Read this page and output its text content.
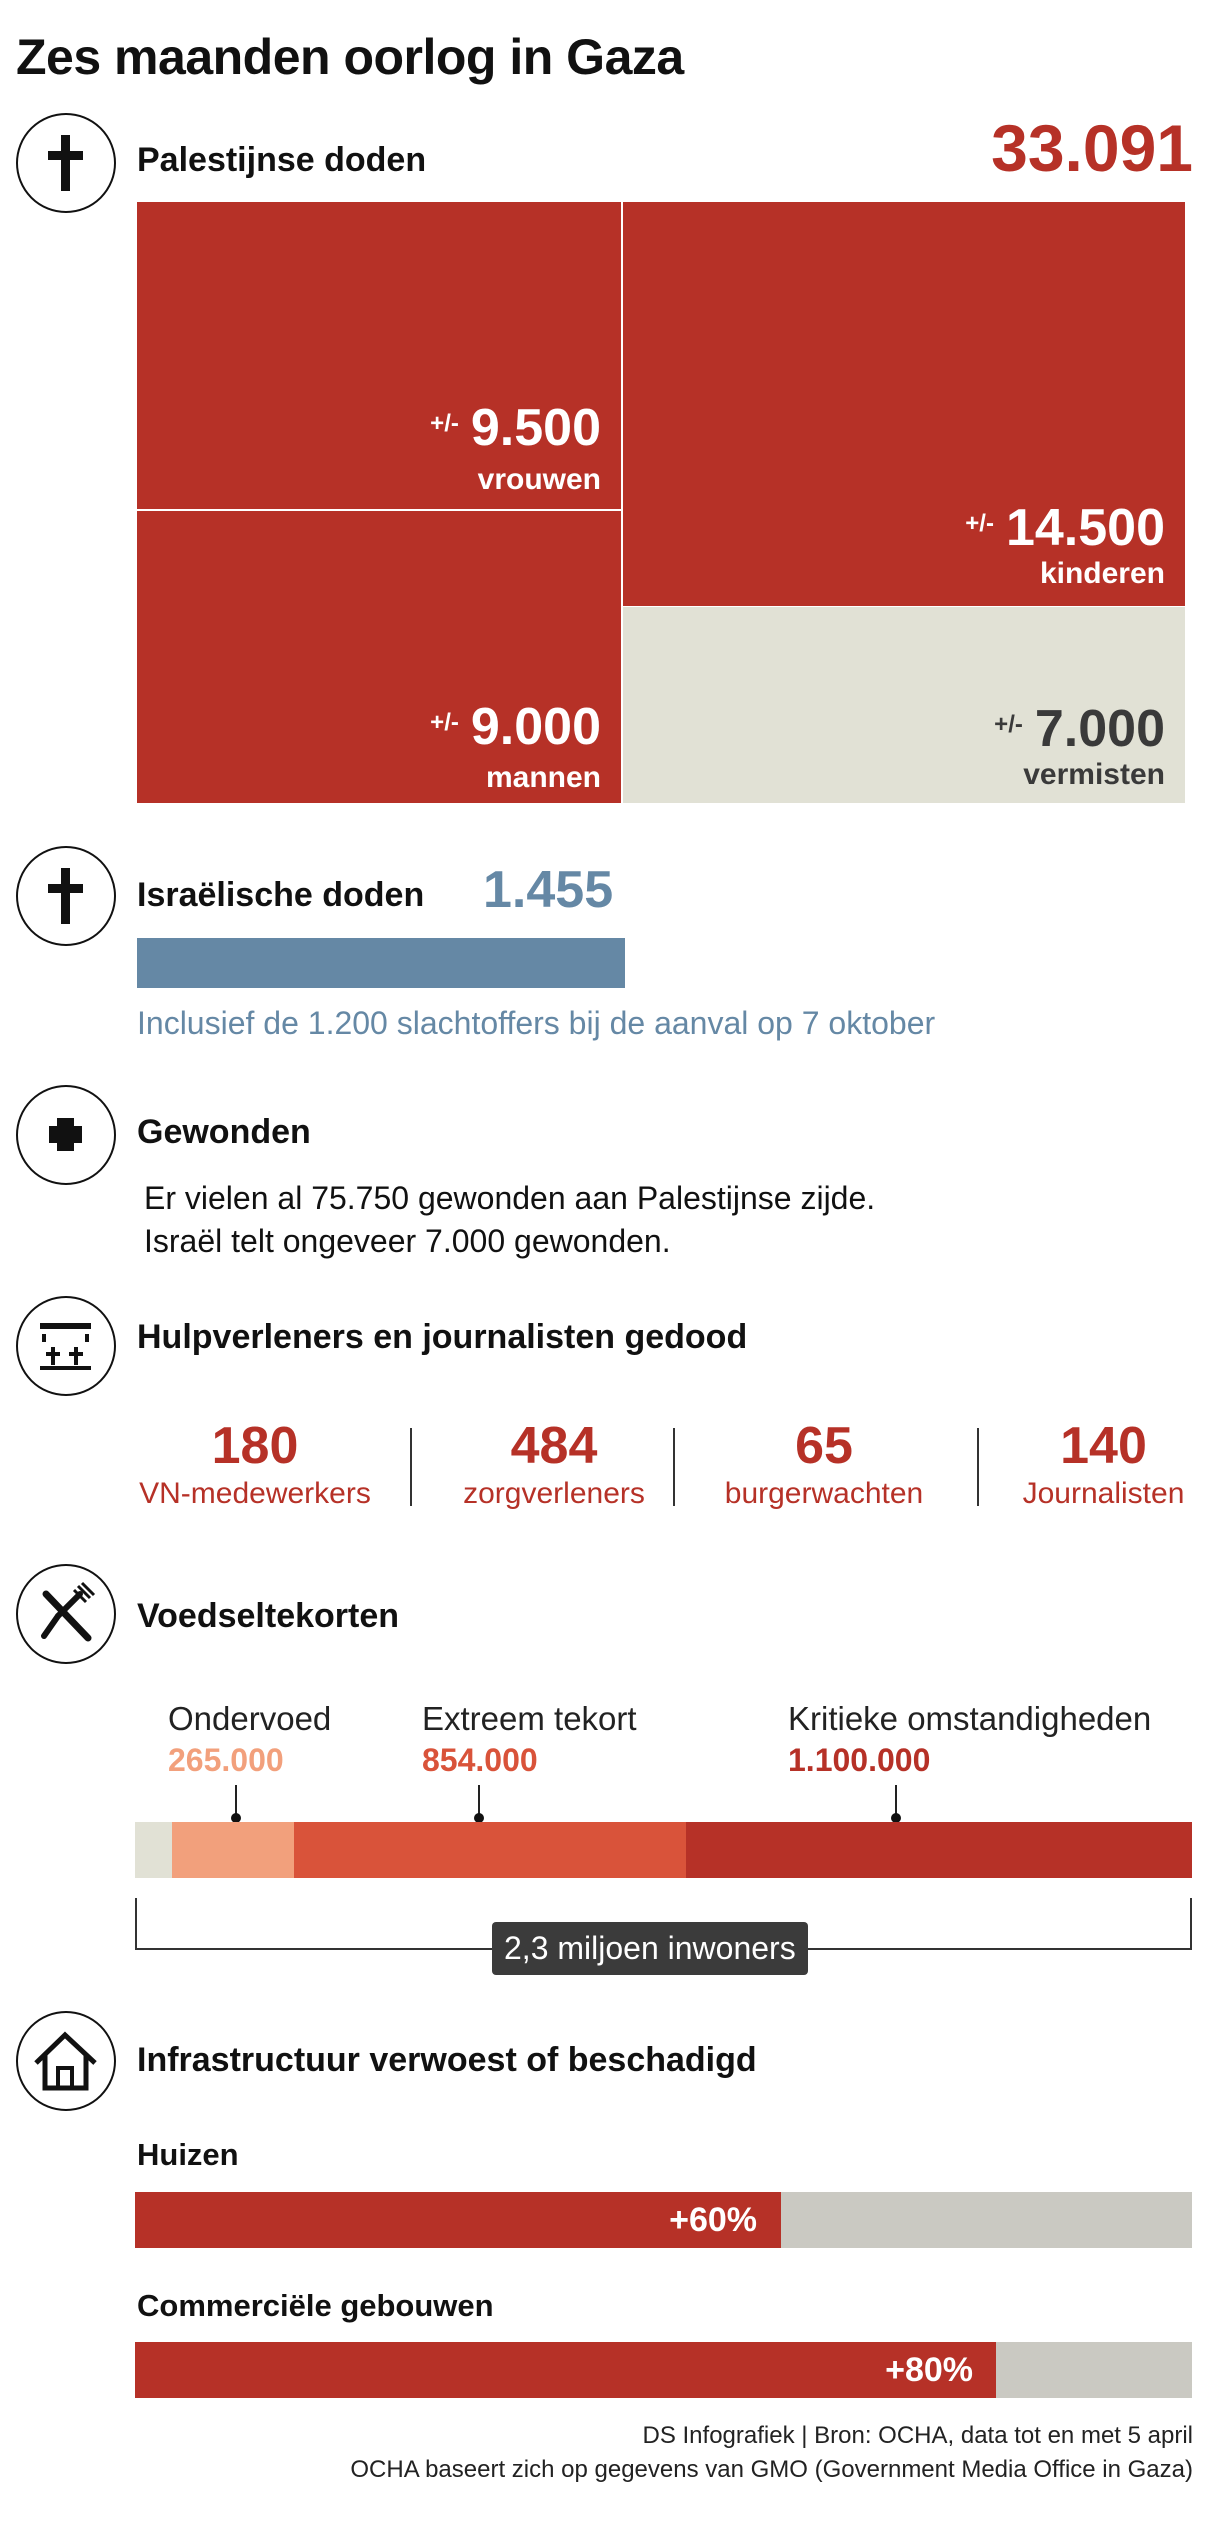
Zes maanden oorlog in Gaza
Palestijnse doden	33.091
+/- 9.500
vrouwen
+/- 9.000
mannen
+/- 14.500
kinderen
+/- 7.000
vermisten
Israëlische doden 1.455
Inclusief de 1.200 slachtoffers bij de aanval op 7 oktober
Gewonden
Er vielen al 75.750 gewonden aan Palestijnse zijde.
Israël telt ongeveer 7.000 gewonden.
Hulpverleners en journalisten gedood
180
VN-medewerkers
484
zorgverleners
65
burgerwachten
140
Journalisten
Voedseltekorten
Ondervoed
265.000
Extreem tekort
854.000
Kritieke omstandigheden
1.100.000
2,3 miljoen inwoners
Infrastructuur verwoest of beschadigd
Huizen
+60%
Commerciële gebouwen
+80%
DS Infografiek | Bron: OCHA, data tot en met 5 april
OCHA baseert zich op gegevens van GMO (Government Media Office in Gaza)
